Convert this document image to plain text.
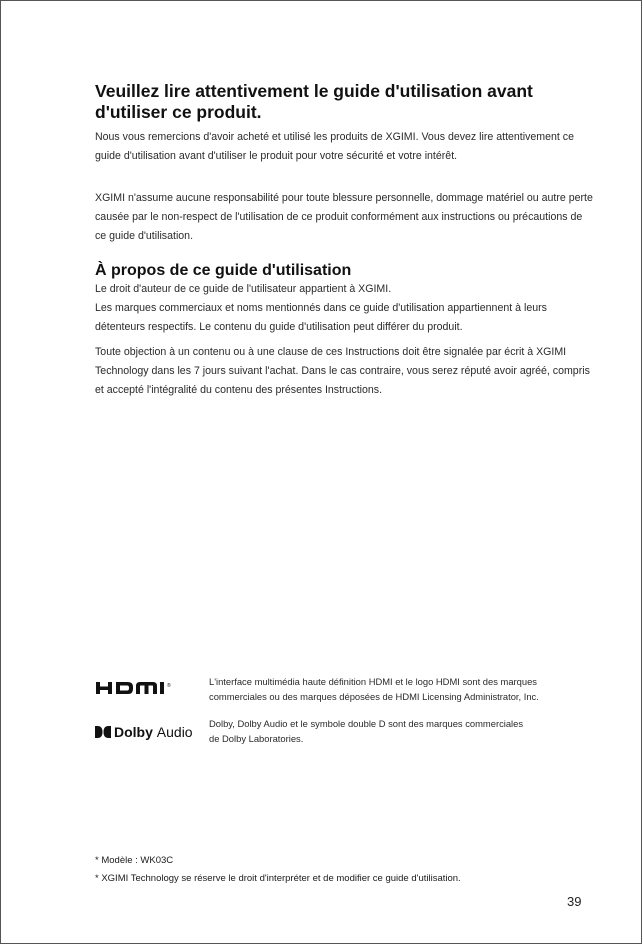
Veuillez lire attentivement le guide d'utilisation avant d'utiliser ce produit.
Nous vous remercions d'avoir acheté et utilisé les produits de XGIMI. Vous devez lire attentivement ce guide d'utilisation avant d'utiliser le produit pour votre sécurité et votre intérêt.
XGIMI n'assume aucune responsabilité pour toute blessure personnelle, dommage matériel ou autre perte causée par le non-respect de l'utilisation de ce produit conformément aux instructions ou précautions de ce guide d'utilisation.
À propos de ce guide d'utilisation
Le droit d'auteur de ce guide de l'utilisateur appartient à XGIMI.
Les marques commerciaux et noms mentionnés dans ce guide d'utilisation appartiennent à leurs détenteurs respectifs. Le contenu du guide d'utilisation peut différer du produit.
Toute objection à un contenu ou à une clause de ces Instructions doit être signalée par écrit à XGIMI Technology dans les 7 jours suivant l'achat. Dans le cas contraire, vous serez réputé avoir agréé, compris et accepté l'intégralité du contenu des présentes Instructions.
®	L'interface multimédia haute définition HDMI et le logo HDMI sont des marques commerciales ou des marques déposées de HDMI Licensing Administrator, Inc.
Dolby
Audio
Dolby, Dolby Audio et le symbole double D sont des marques commerciales
de Dolby Laboratories.
* Modèle : WK03C
* XGIMI Technology se réserve le droit d'interpréter et de modifier ce guide d'utilisation.
39
